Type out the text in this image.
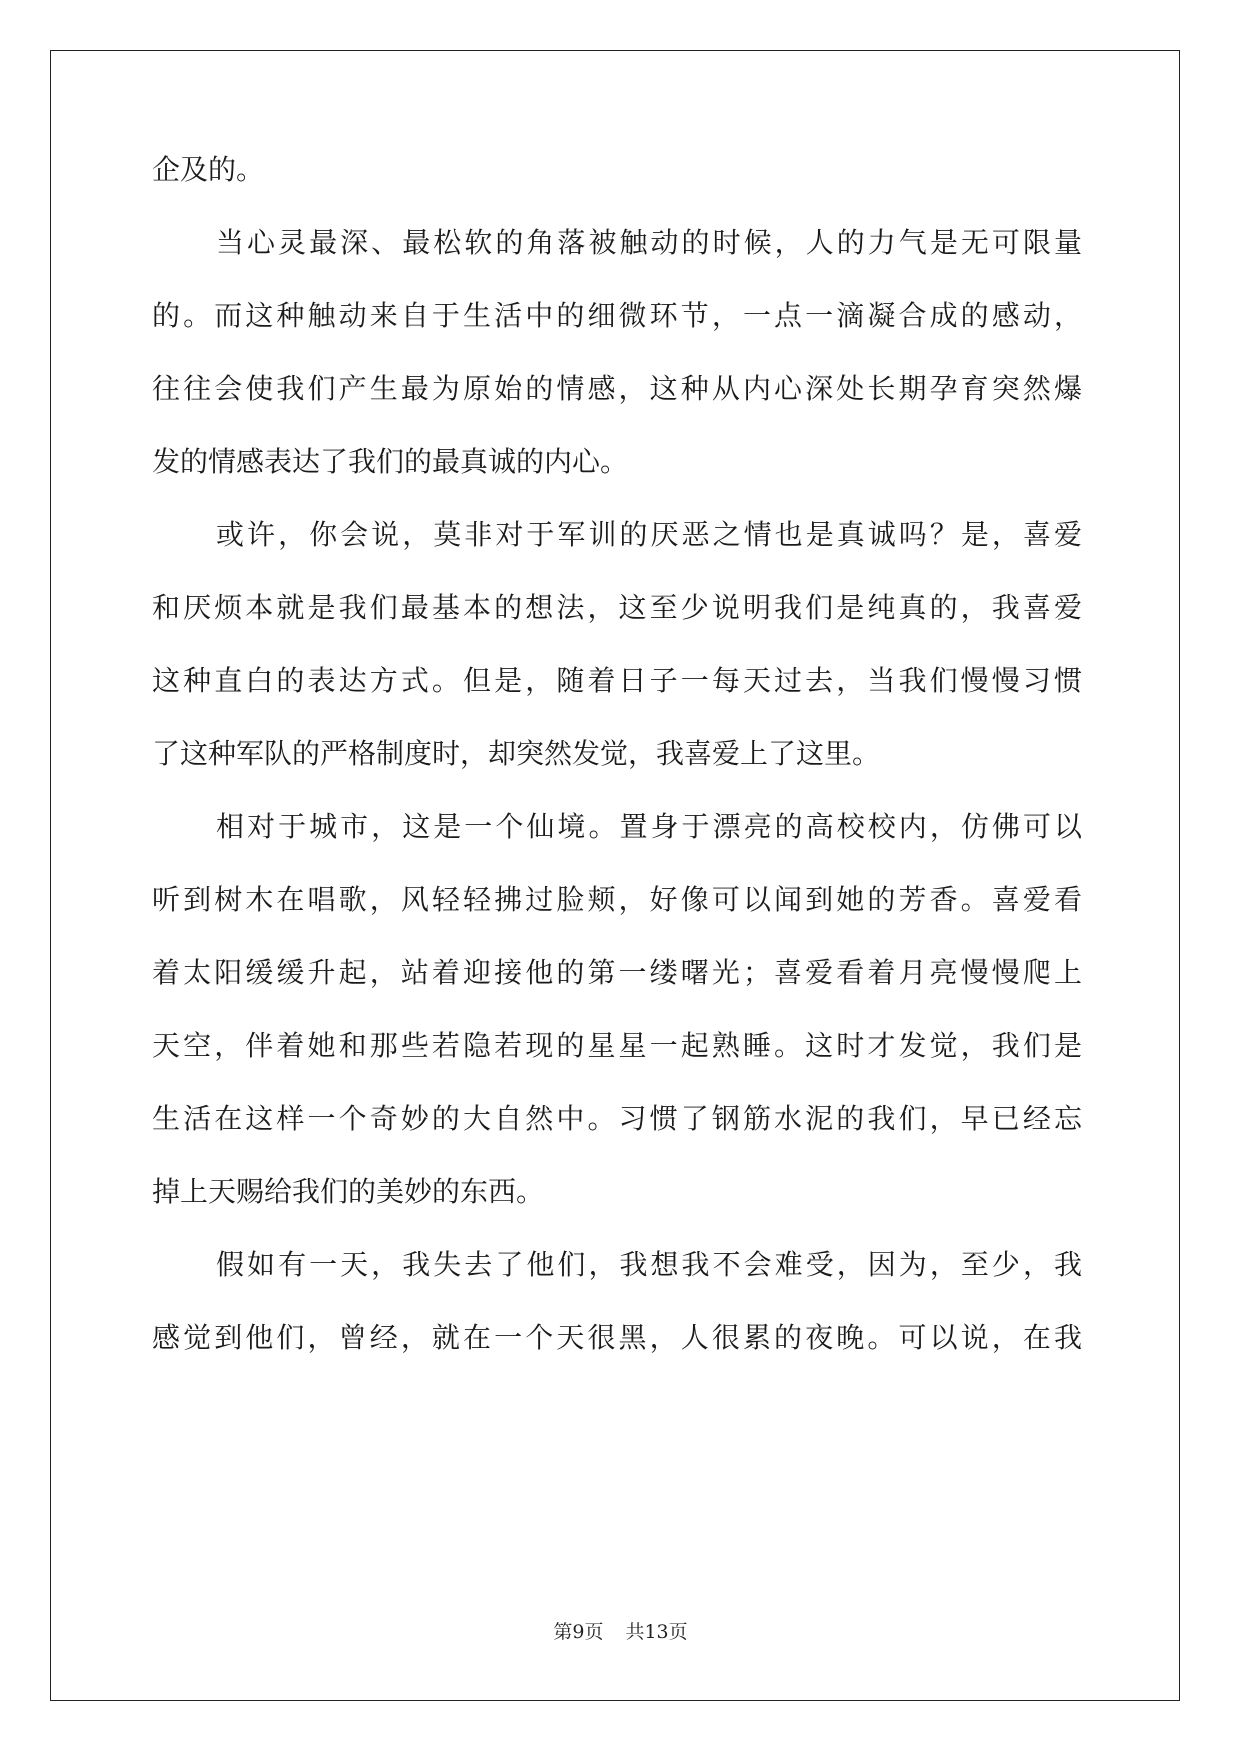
企及的。
当心灵最深、最松软的角落被触动的时候，人的力气是无可限量
的。而这种触动来自于生活中的细微环节，一点一滴凝合成的感动，
往往会使我们产生最为原始的情感，这种从内心深处长期孕育突然爆
发的情感表达了我们的最真诚的内心。
或许，你会说，莫非对于军训的厌恶之情也是真诚吗？是，喜爱
和厌烦本就是我们最基本的想法，这至少说明我们是纯真的，我喜爱
这种直白的表达方式。但是，随着日子一每天过去，当我们慢慢习惯
了这种军队的严格制度时，却突然发觉，我喜爱上了这里。
相对于城市，这是一个仙境。置身于漂亮的高校校内，仿佛可以
听到树木在唱歌，风轻轻拂过脸颊，好像可以闻到她的芳香。喜爱看
着太阳缓缓升起，站着迎接他的第一缕曙光；喜爱看着月亮慢慢爬上
天空，伴着她和那些若隐若现的星星一起熟睡。这时才发觉，我们是
生活在这样一个奇妙的大自然中。习惯了钢筋水泥的我们，早已经忘
掉上天赐给我们的美妙的东西。
假如有一天，我失去了他们，我想我不会难受，因为，至少，我
感觉到他们，曾经，就在一个天很黑，人很累的夜晚。可以说，在我
第9页 共13页
